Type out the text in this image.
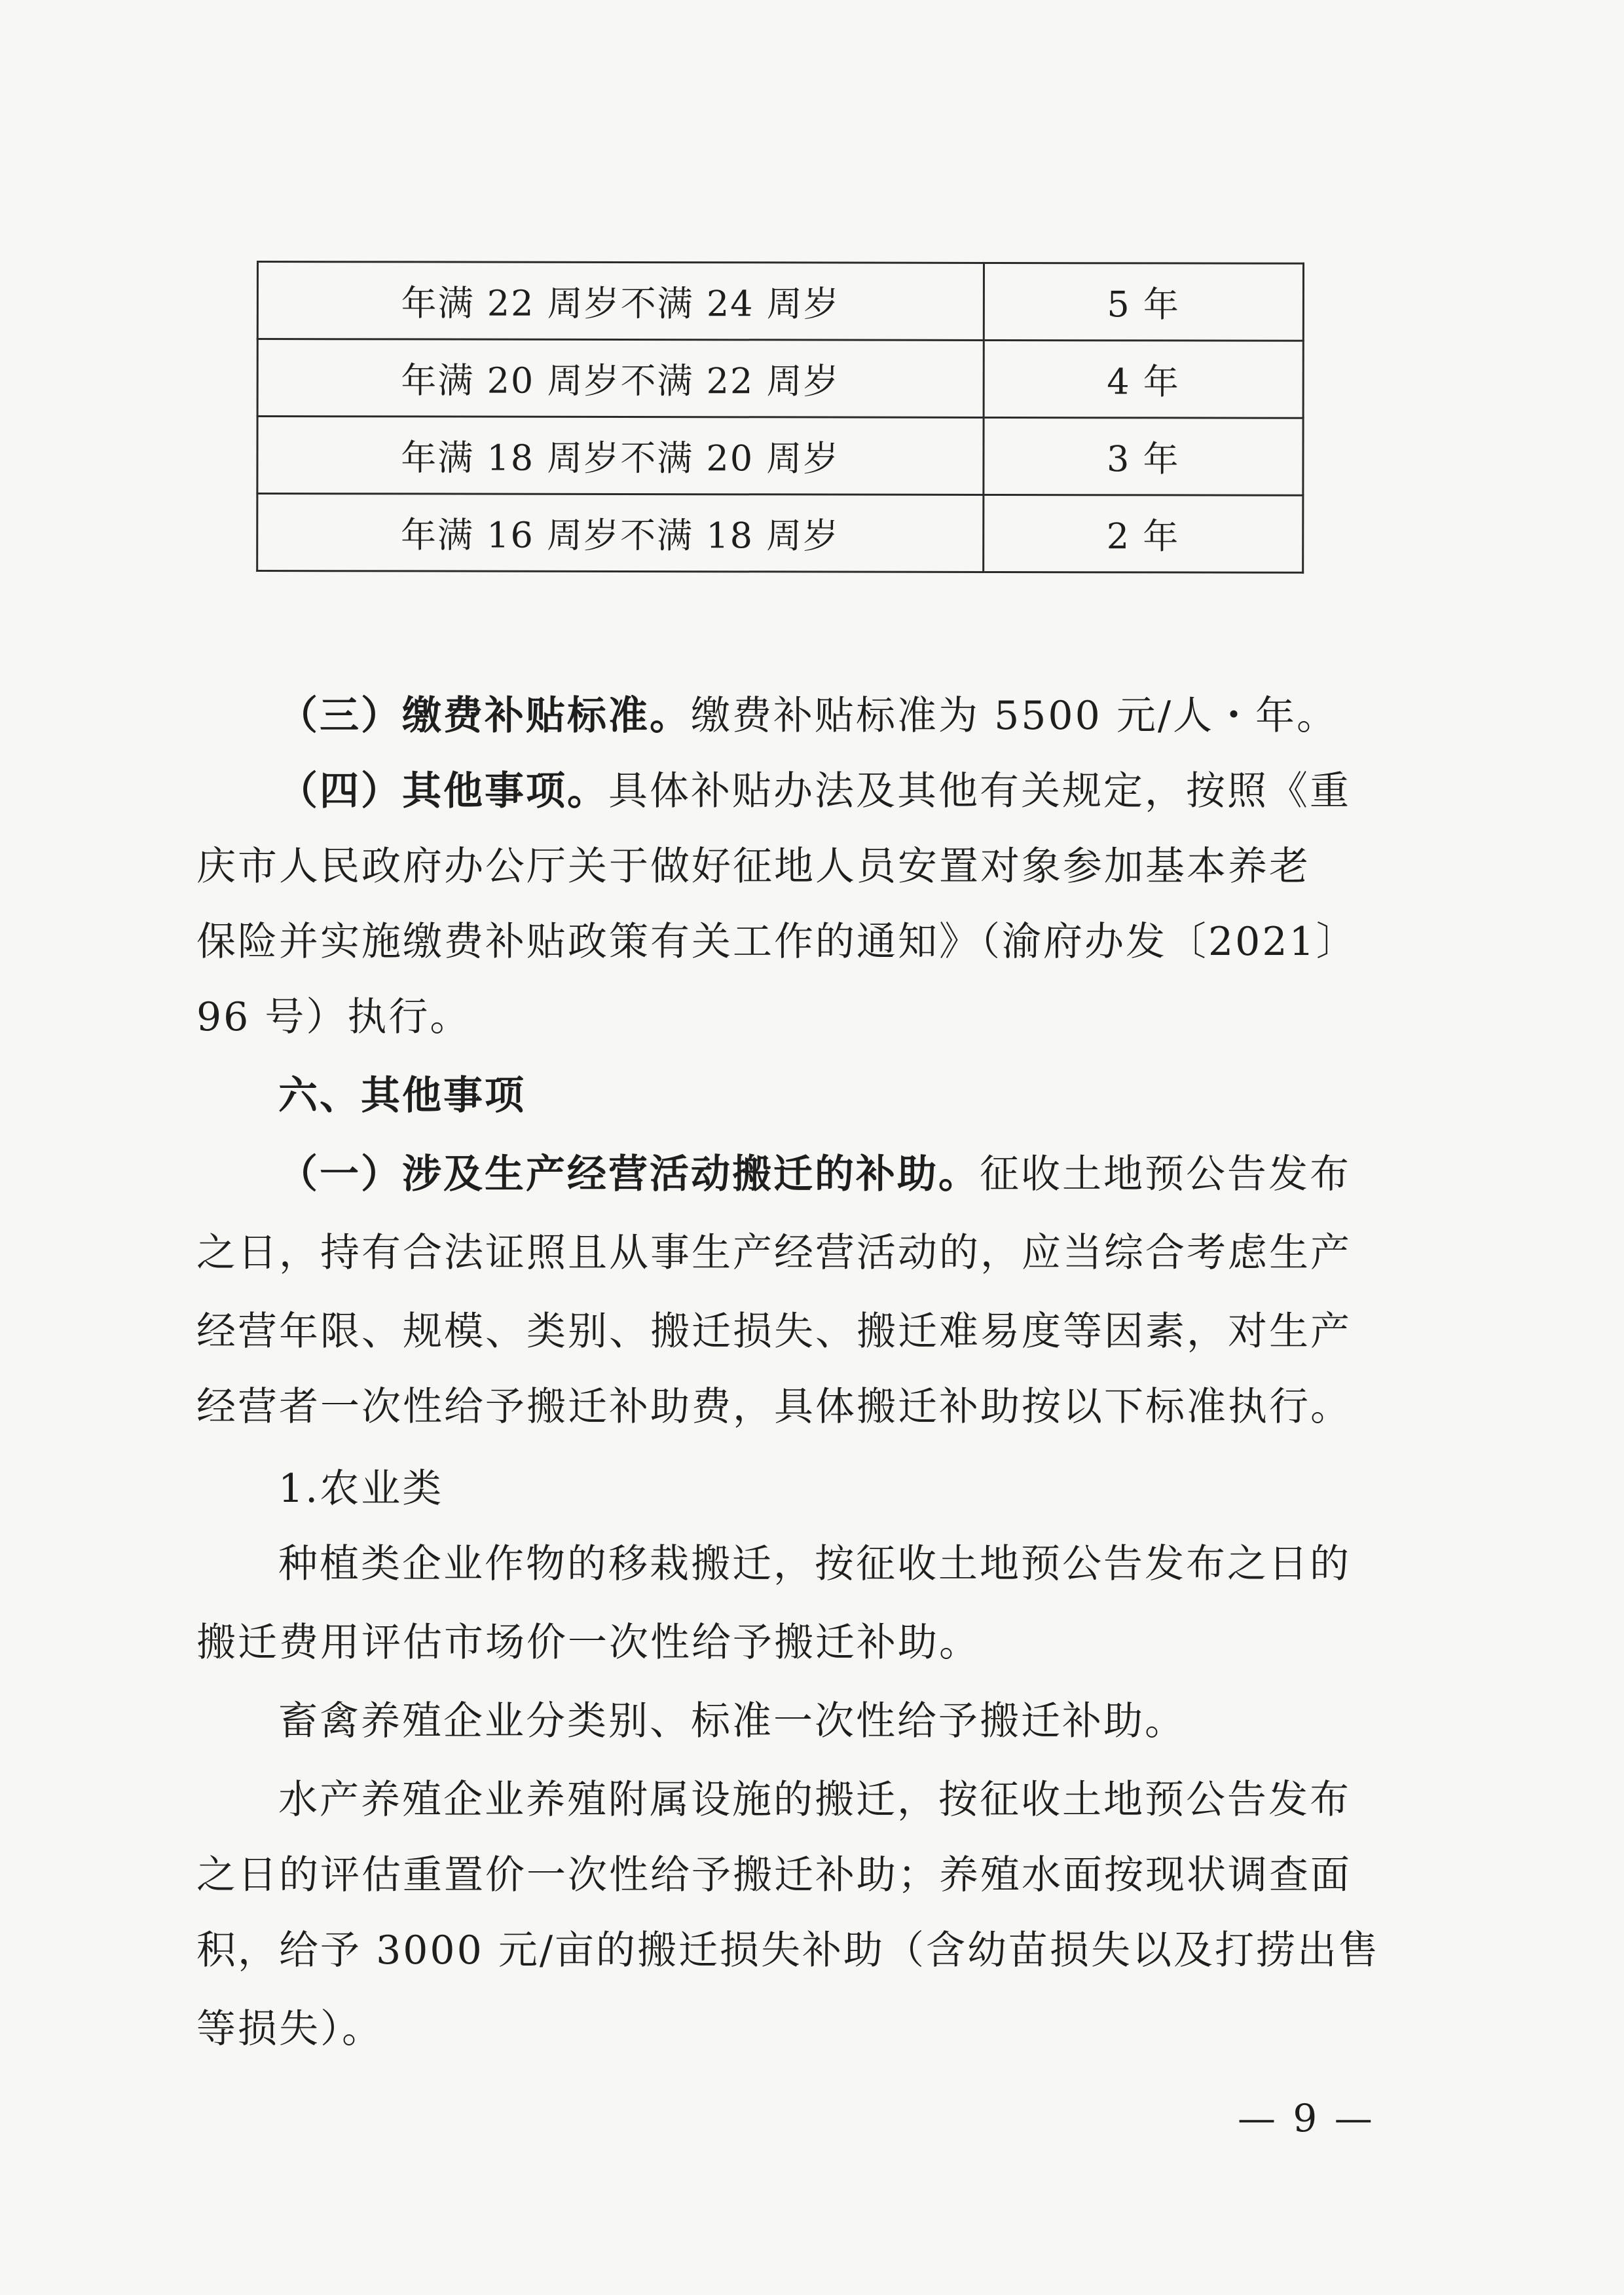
年满 22 周岁不满 24 周岁	5 年
年满 20 周岁不满 22 周岁	4 年
年满 18 周岁不满 20 周岁	3 年
年满 16 周岁不满 18 周岁	2 年

（三）缴费补贴标准。缴费补贴标准为 5500 元/人・年。

（四）其他事项。具体补贴办法及其他有关规定，按照《重

庆市人民政府办公厅关于做好征地人员安置对象参加基本养老

保险并实施缴费补贴政策有关工作的通知》（渝府办发〔2021〕

96 号）执行。

六、其他事项

（一）涉及生产经营活动搬迁的补助。征收土地预公告发布

之日，持有合法证照且从事生产经营活动的，应当综合考虑生产

经营年限、规模、类别、搬迁损失、搬迁难易度等因素，对生产

经营者一次性给予搬迁补助费，具体搬迁补助按以下标准执行。

1.农业类

种植类企业作物的移栽搬迁，按征收土地预公告发布之日的

搬迁费用评估市场价一次性给予搬迁补助。

畜禽养殖企业分类别、标准一次性给予搬迁补助。

水产养殖企业养殖附属设施的搬迁，按征收土地预公告发布

之日的评估重置价一次性给予搬迁补助；养殖水面按现状调查面

积，给予 3000 元/亩的搬迁损失补助（含幼苗损失以及打捞出售

等损失）。

— 9 —
